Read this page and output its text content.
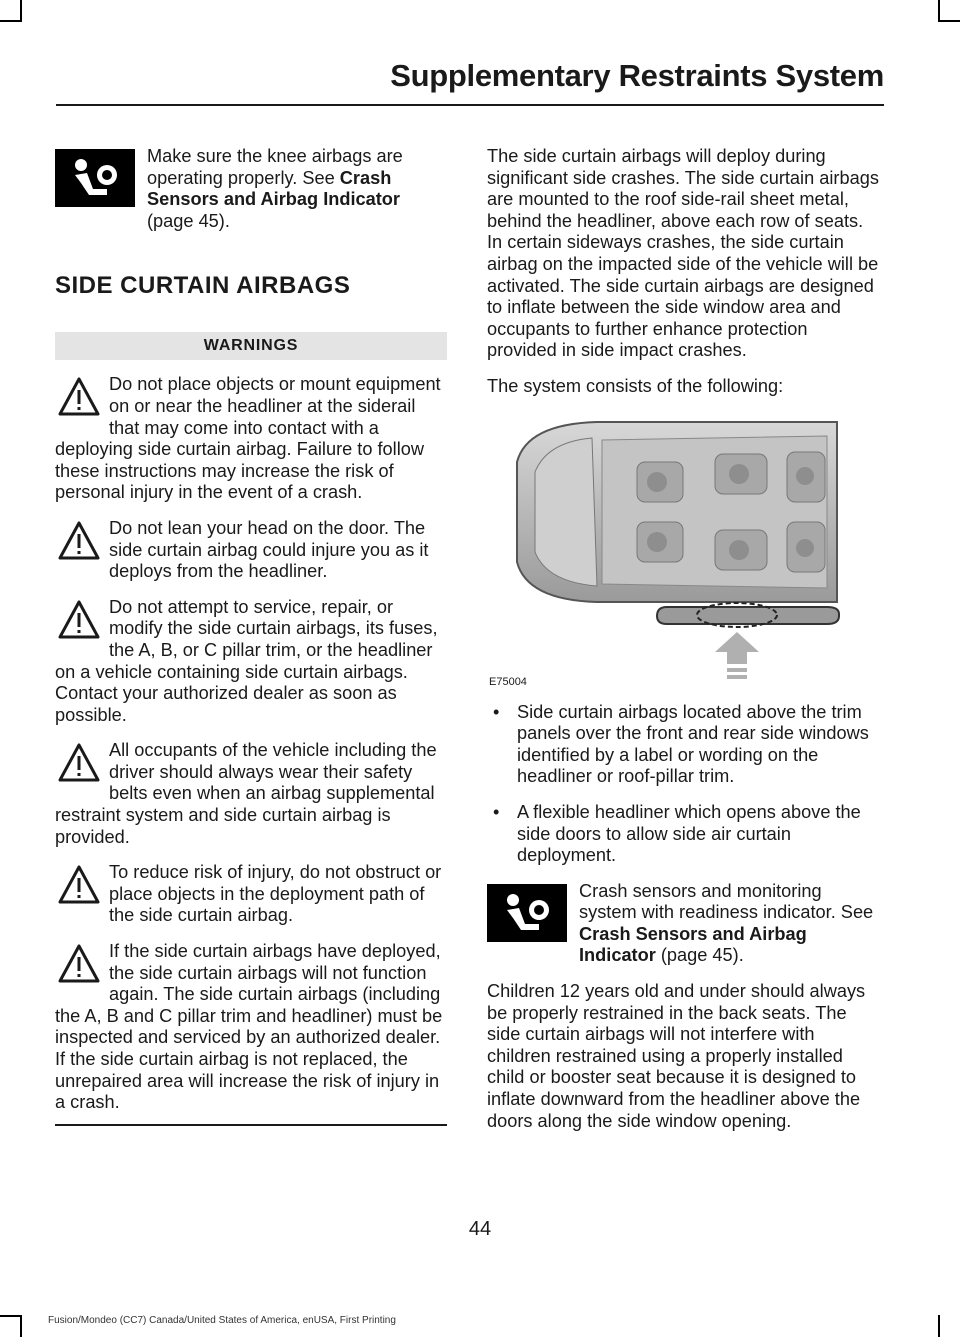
Supplementary Restraints System

Make sure the knee airbags are operating properly. See Crash Sensors and Airbag Indicator (page 45).

SIDE CURTAIN AIRBAGS
WARNINGS
Do not place objects or mount equipment on or near the headliner at the siderail that may come into contact with a deploying side curtain airbag. Failure to follow these instructions may increase the risk of personal injury in the event of a crash.
Do not lean your head on the door. The side curtain airbag could injure you as it deploys from the headliner.
Do not attempt to service, repair, or modify the side curtain airbags, its fuses, the A, B, or C pillar trim, or the headliner on a vehicle containing side curtain airbags. Contact your authorized dealer as soon as possible.
All occupants of the vehicle including the driver should always wear their safety belts even when an airbag supplemental restraint system and side curtain airbag is provided.
To reduce risk of injury, do not obstruct or place objects in the deployment path of the side curtain airbag.
If the side curtain airbags have deployed, the side curtain airbags will not function again. The side curtain airbags (including the A, B and C pillar trim and headliner) must be inspected and serviced by an authorized dealer. If the side curtain airbag is not replaced, the unrepaired area will increase the risk of injury in a crash.

The side curtain airbags will deploy during significant side crashes. The side curtain airbags are mounted to the roof side-rail sheet metal, behind the headliner, above each row of seats. In certain sideways crashes, the side curtain airbag on the impacted side of the vehicle will be activated. The side curtain airbags are designed to inflate between the side window area and occupants to further enhance protection provided in side impact crashes.

The system consists of the following:

E75004
• Side curtain airbags located above the trim panels over the front and rear side windows identified by a label or wording on the headliner or roof-pillar trim.
• A flexible headliner which opens above the side doors to allow side air curtain deployment.

Crash sensors and monitoring system with readiness indicator. See Crash Sensors and Airbag Indicator (page 45).

Children 12 years old and under should always be properly restrained in the back seats. The side curtain airbags will not interfere with children restrained using a properly installed child or booster seat because it is designed to inflate downward from the headliner above the doors along the side window opening.

44
Fusion/Mondeo (CC7) Canada/United States of America, enUSA, First Printing
